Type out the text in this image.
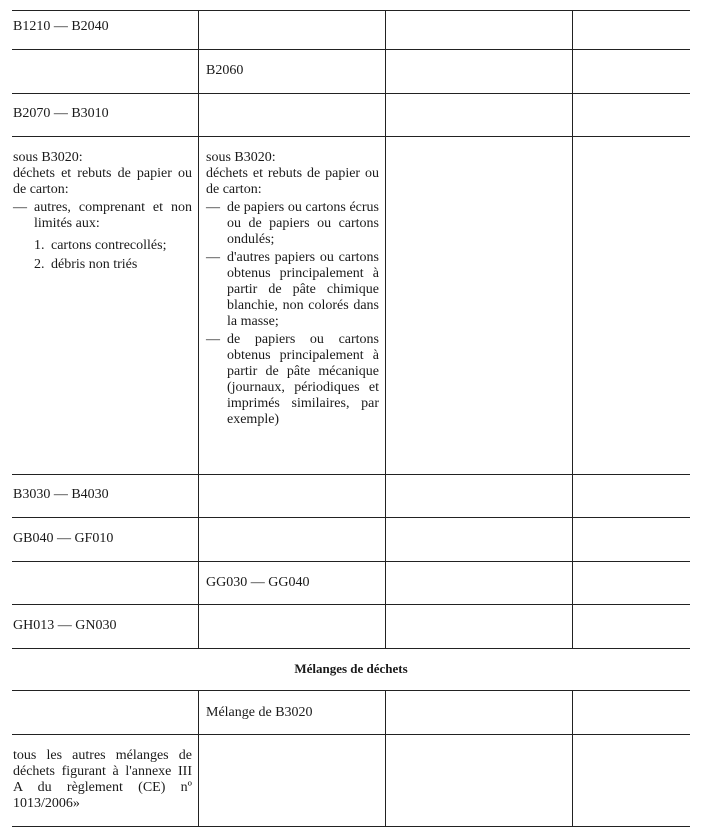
B1210 — B2040
B2060
B2070 — B3010
sous B3020:
déchets et rebuts de papier ou de carton:
— autres, comprenant et non limités aux:
1. cartons contrecollés;
2. débris non triés
sous B3020:
déchets et rebuts de papier ou de carton:
— de papiers ou cartons écrus ou de papiers ou cartons ondulés;
— d'autres papiers ou cartons obtenus principalement à partir de pâte chimique blanchie, non colorés dans la masse;
— de papiers ou cartons obtenus principalement à partir de pâte mécanique (journaux, périodiques et imprimés similaires, par exemple)
B3030 — B4030
GB040 — GF010
GG030 — GG040
GH013 — GN030
Mélanges de déchets
Mélange de B3020
tous les autres mélanges de déchets figurant à l'annexe III A du règlement (CE) nº 1013/2006»
